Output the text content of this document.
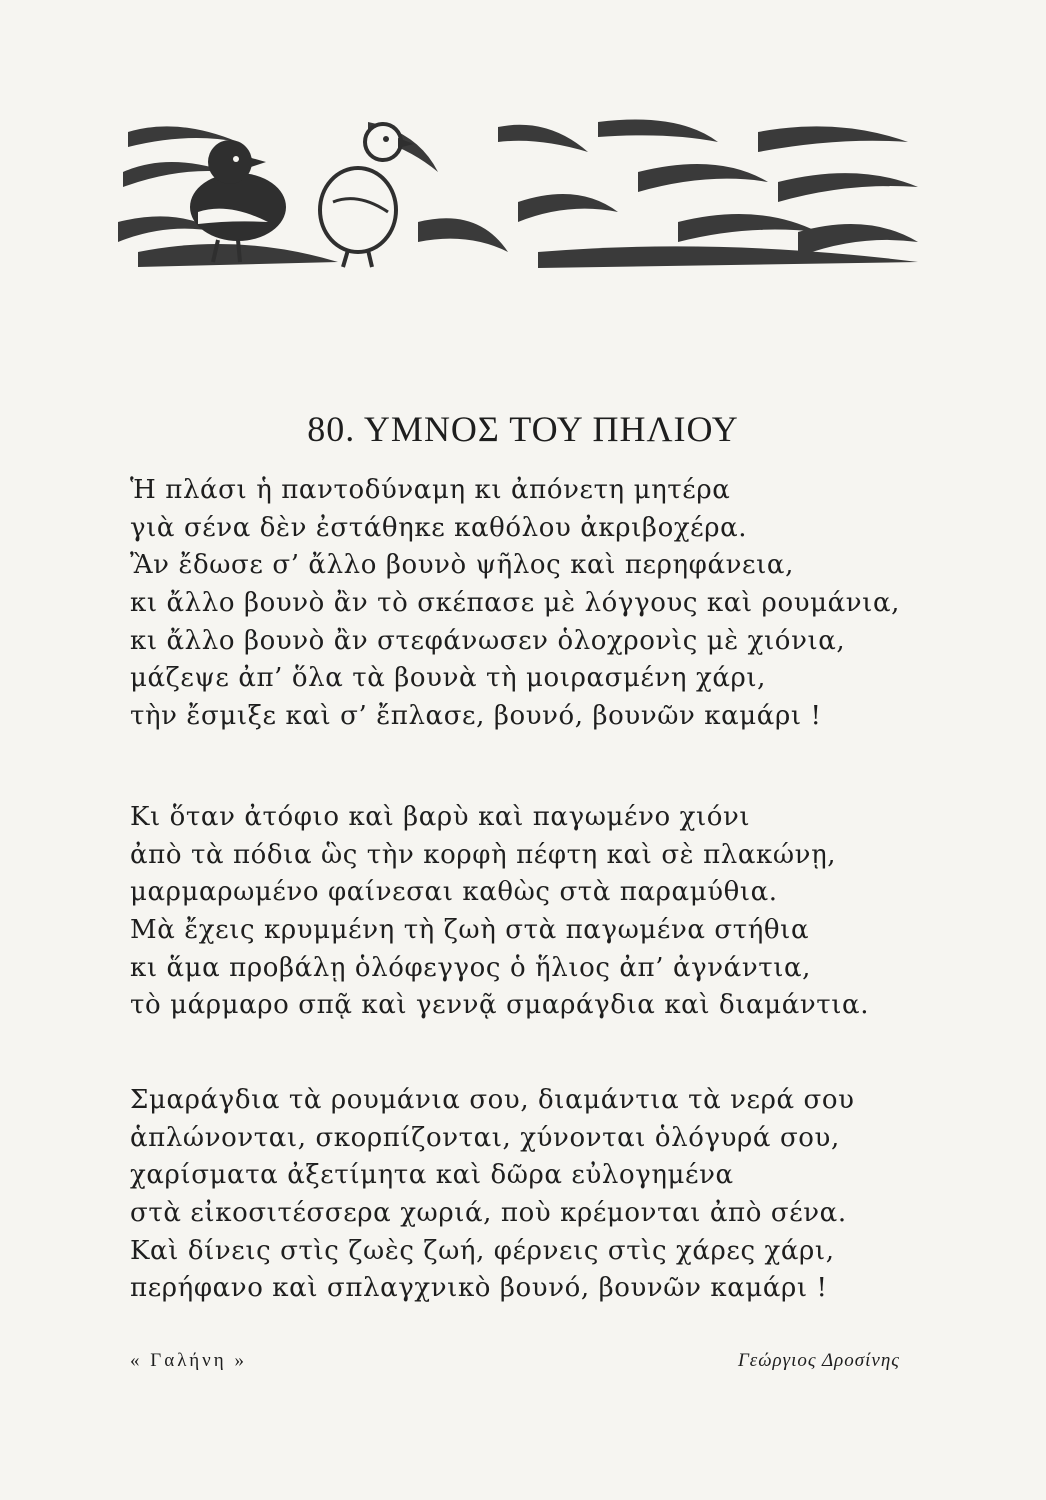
80. ΥΜΝΟΣ ΤΟΥ ΠΗΛΙΟΥ
Ἡ πλάσι ἡ παντοδύναμη κι ἀπόνετη μητέρα
γιὰ σένα δὲν ἐστάθηκε καθόλου ἀκριβοχέρα.
Ἂν ἔδωσε σ’ ἄλλο βουνὸ ψῆλος καὶ περηφάνεια,
κι ἄλλο βουνὸ ἂν τὸ σκέπασε μὲ λόγγους καὶ ρουμάνια,
κι ἄλλο βουνὸ ἂν στεφάνωσεν ὁλοχρονὶς μὲ χιόνια,
μάζεψε ἀπ’ ὅλα τὰ βουνὰ τὴ μοιρασμένη χάρι,
τὴν ἔσμιξε καὶ σ’ ἔπλασε, βουνό, βουνῶν καμάρι !
Κι ὅταν ἀτόφιο καὶ βαρὺ καὶ παγωμένο χιόνι
ἀπὸ τὰ πόδια ὣς τὴν κορφὴ πέφτη καὶ σὲ πλακώνῃ,
μαρμαρωμένο φαίνεσαι καθὼς στὰ παραμύθια.
Μὰ ἔχεις κρυμμένη τὴ ζωὴ στὰ παγωμένα στήθια
κι ἅμα προβάλῃ ὁλόφεγγος ὁ ἥλιος ἀπ’ ἀγνάντια,
τὸ μάρμαρο σπᾷ καὶ γεννᾷ σμαράγδια καὶ διαμάντια.
Σμαράγδια τὰ ρουμάνια σου, διαμάντια τὰ νερά σου
ἁπλώνονται, σκορπίζονται, χύνονται ὁλόγυρά σου,
χαρίσματα ἀξετίμητα καὶ δῶρα εὐλογημένα
στὰ εἰκοσιτέσσερα χωριά, ποὺ κρέμονται ἀπὸ σένα.
Καὶ δίνεις στὶς ζωὲς ζωή, φέρνεις στὶς χάρες χάρι,
περήφανο καὶ σπλαγχνικὸ βουνό, βουνῶν καμάρι !
« Γαλήνη »	Γεώργιος Δροσίνης
